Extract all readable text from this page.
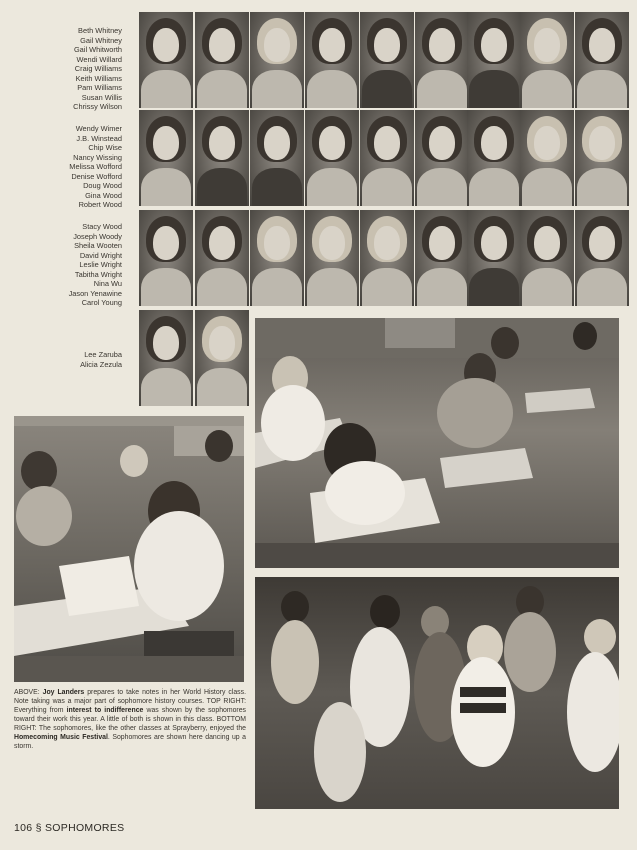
Beth Whitney
Gail Whitney
Gail Whitworth
Wendi Willard
Craig Williams
Keith Williams
Pam Williams
Susan Willis
Chrissy Wilson
Wendy Wimer
J.B. Winstead
Chip Wise
Nancy Wissing
Melissa Wofford
Denise Wofford
Doug Wood
Gina Wood
Robert Wood
Stacy Wood
Joseph Woody
Sheila Wooten
David Wright
Leslie Wright
Tabitha Wright
Nina Wu
Jason Yenawine
Carol Young
Lee Zaruba
Alicia Zezula
ABOVE: Joy Landers prepares to take notes in her World History class. Note taking was a major part of sophomore history courses. TOP RIGHT: Everything from interest to indifference was shown by the sophomores toward their work this year. A little of both is shown in this class. BOTTOM RIGHT: The sophomores, like the other classes at Sprayberry, enjoyed the Homecoming Music Festival. Sophomores are shown here dancing up a storm.
106 § SOPHOMORES
